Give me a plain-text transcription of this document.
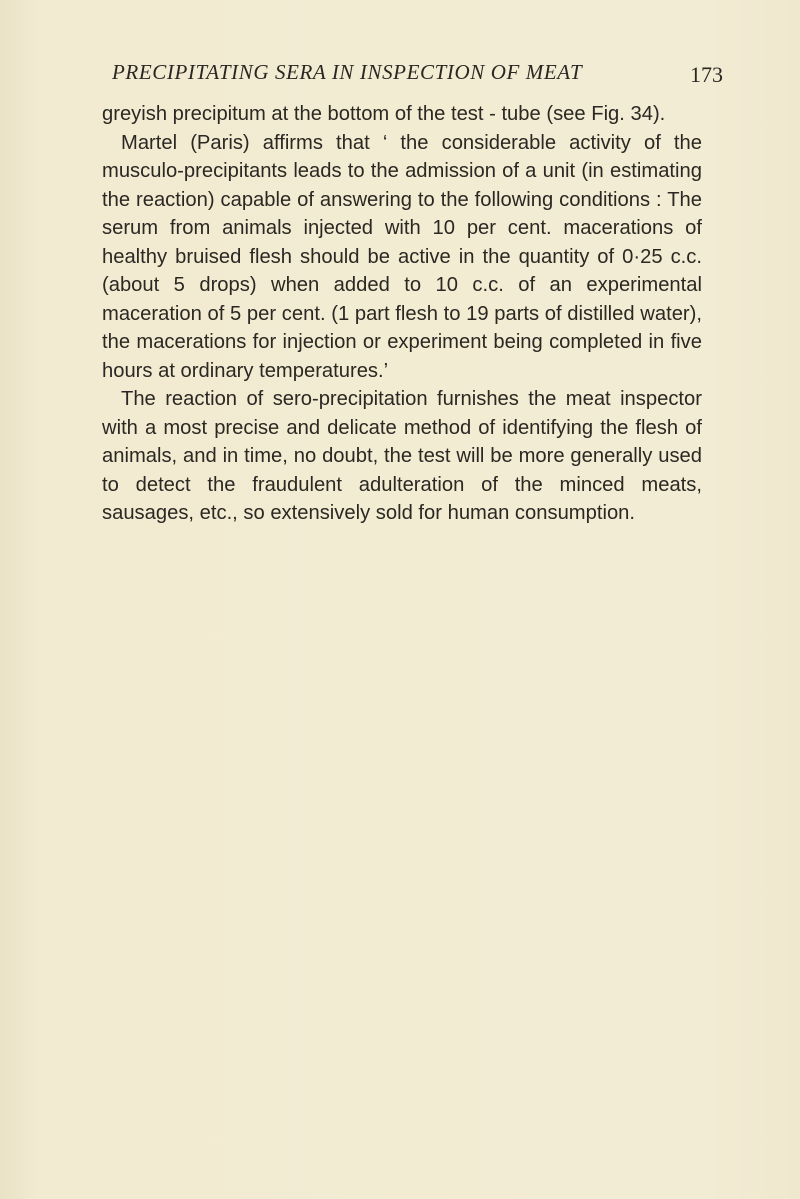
PRECIPITATING SERA IN INSPECTION OF MEAT	173

greyish precipitum at the bottom of the test - tube (see Fig. 34).

Martel (Paris) affirms that ‘ the considerable activity of the musculo-precipitants leads to the admission of a unit (in estimating the reaction) capable of answering to the following conditions : The serum from animals injected with 10 per cent. macerations of healthy bruised flesh should be active in the quantity of 0·25 c.c. (about 5 drops) when added to 10 c.c. of an experimental maceration of 5 per cent. (1 part flesh to 19 parts of distilled water), the macerations for injection or experiment being completed in five hours at ordinary temperatures.’

The reaction of sero-precipitation furnishes the meat inspector with a most precise and delicate method of identifying the flesh of animals, and in time, no doubt, the test will be more generally used to detect the fraudulent adulteration of the minced meats, sausages, etc., so extensively sold for human consumption.
